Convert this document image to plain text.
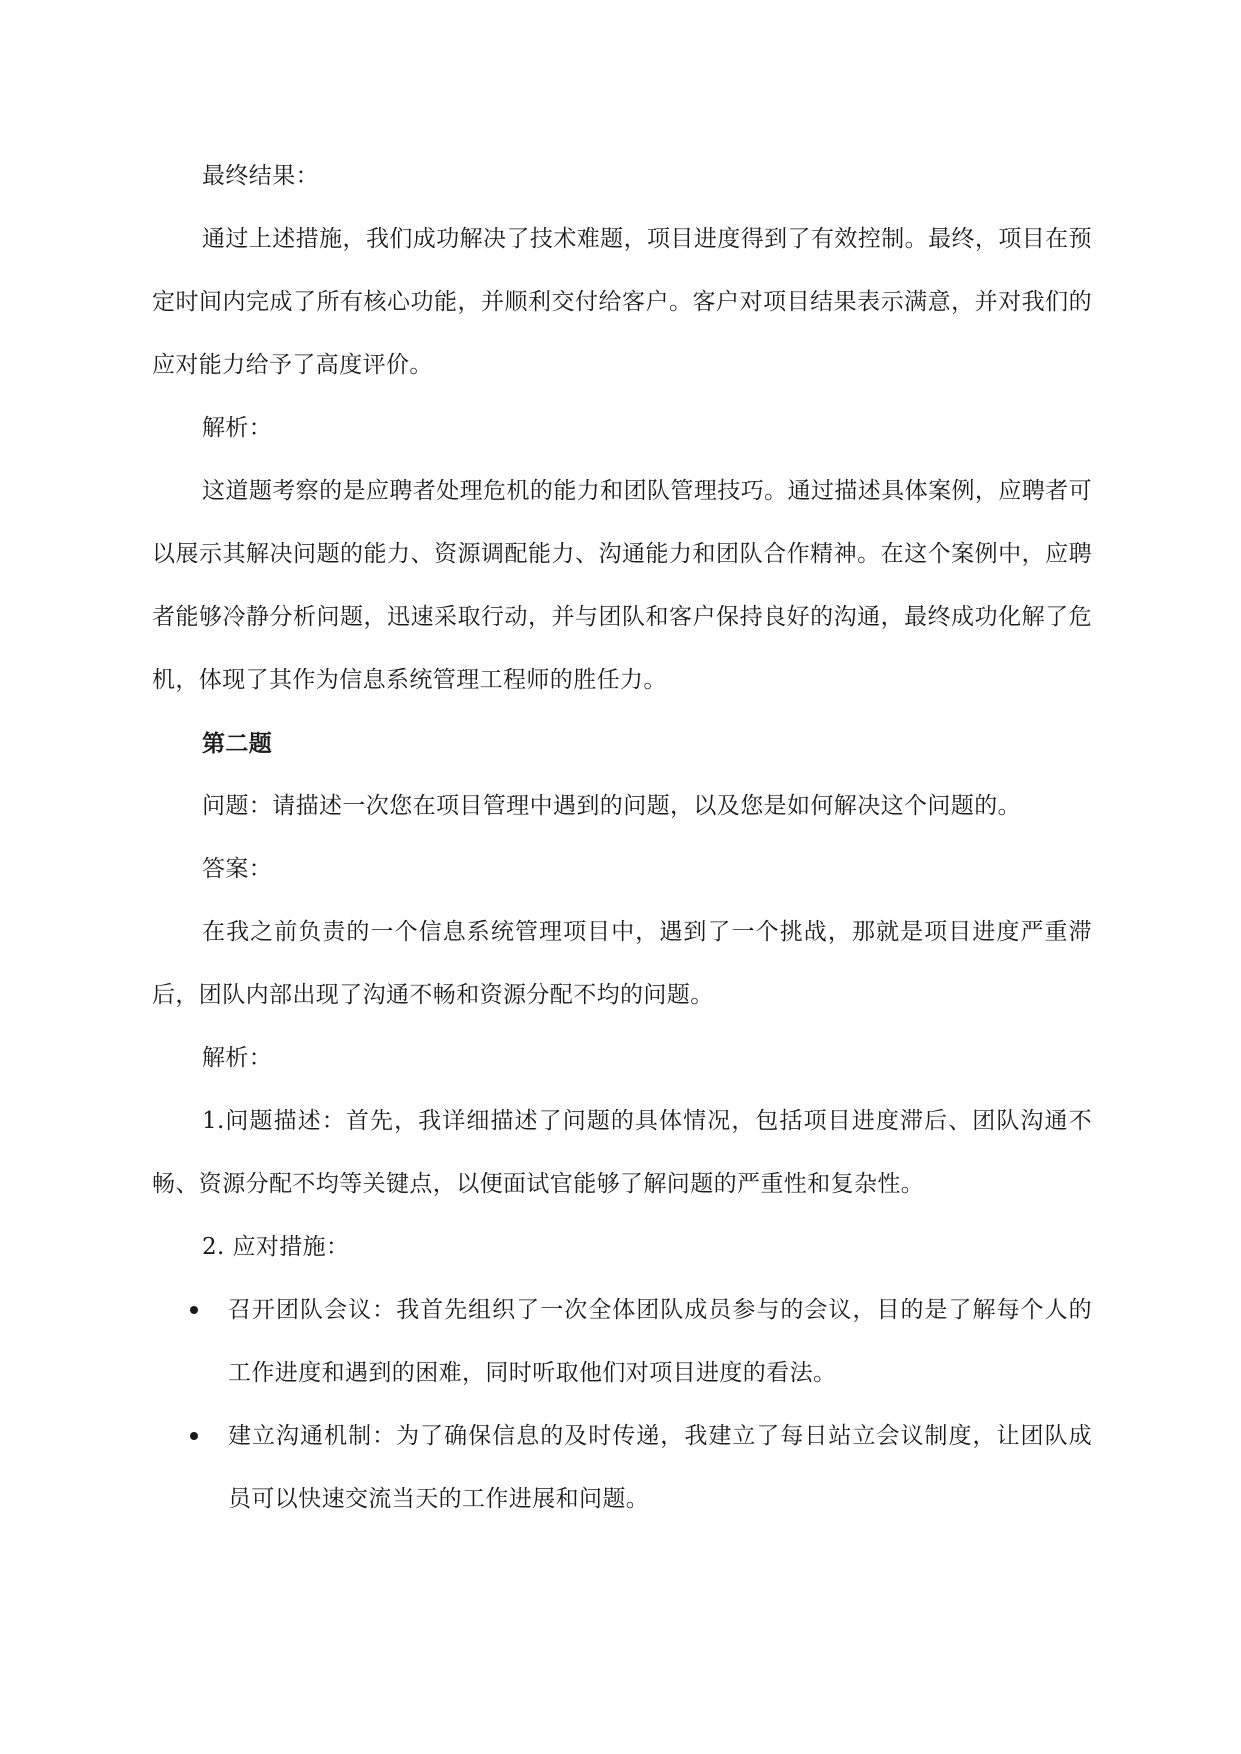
最终结果：

通过上述措施，我们成功解决了技术难题，项目进度得到了有效控制。最终，项目在预定时间内完成了所有核心功能，并顺利交付给客户。客户对项目结果表示满意，并对我们的应对能力给予了高度评价。

解析：

这道题考察的是应聘者处理危机的能力和团队管理技巧。通过描述具体案例，应聘者可以展示其解决问题的能力、资源调配能力、沟通能力和团队合作精神。在这个案例中，应聘者能够冷静分析问题，迅速采取行动，并与团队和客户保持良好的沟通，最终成功化解了危机，体现了其作为信息系统管理工程师的胜任力。

第二题

问题：请描述一次您在项目管理中遇到的问题，以及您是如何解决这个问题的。

答案：

在我之前负责的一个信息系统管理项目中，遇到了一个挑战，那就是项目进度严重滞后，团队内部出现了沟通不畅和资源分配不均的问题。

解析：

1.问题描述：首先，我详细描述了问题的具体情况，包括项目进度滞后、团队沟通不畅、资源分配不均等关键点，以便面试官能够了解问题的严重性和复杂性。

2. 应对措施：

召开团队会议：我首先组织了一次全体团队成员参与的会议，目的是了解每个人的工作进度和遇到的困难，同时听取他们对项目进度的看法。
建立沟通机制：为了确保信息的及时传递，我建立了每日站立会议制度，让团队成员可以快速交流当天的工作进展和问题。
